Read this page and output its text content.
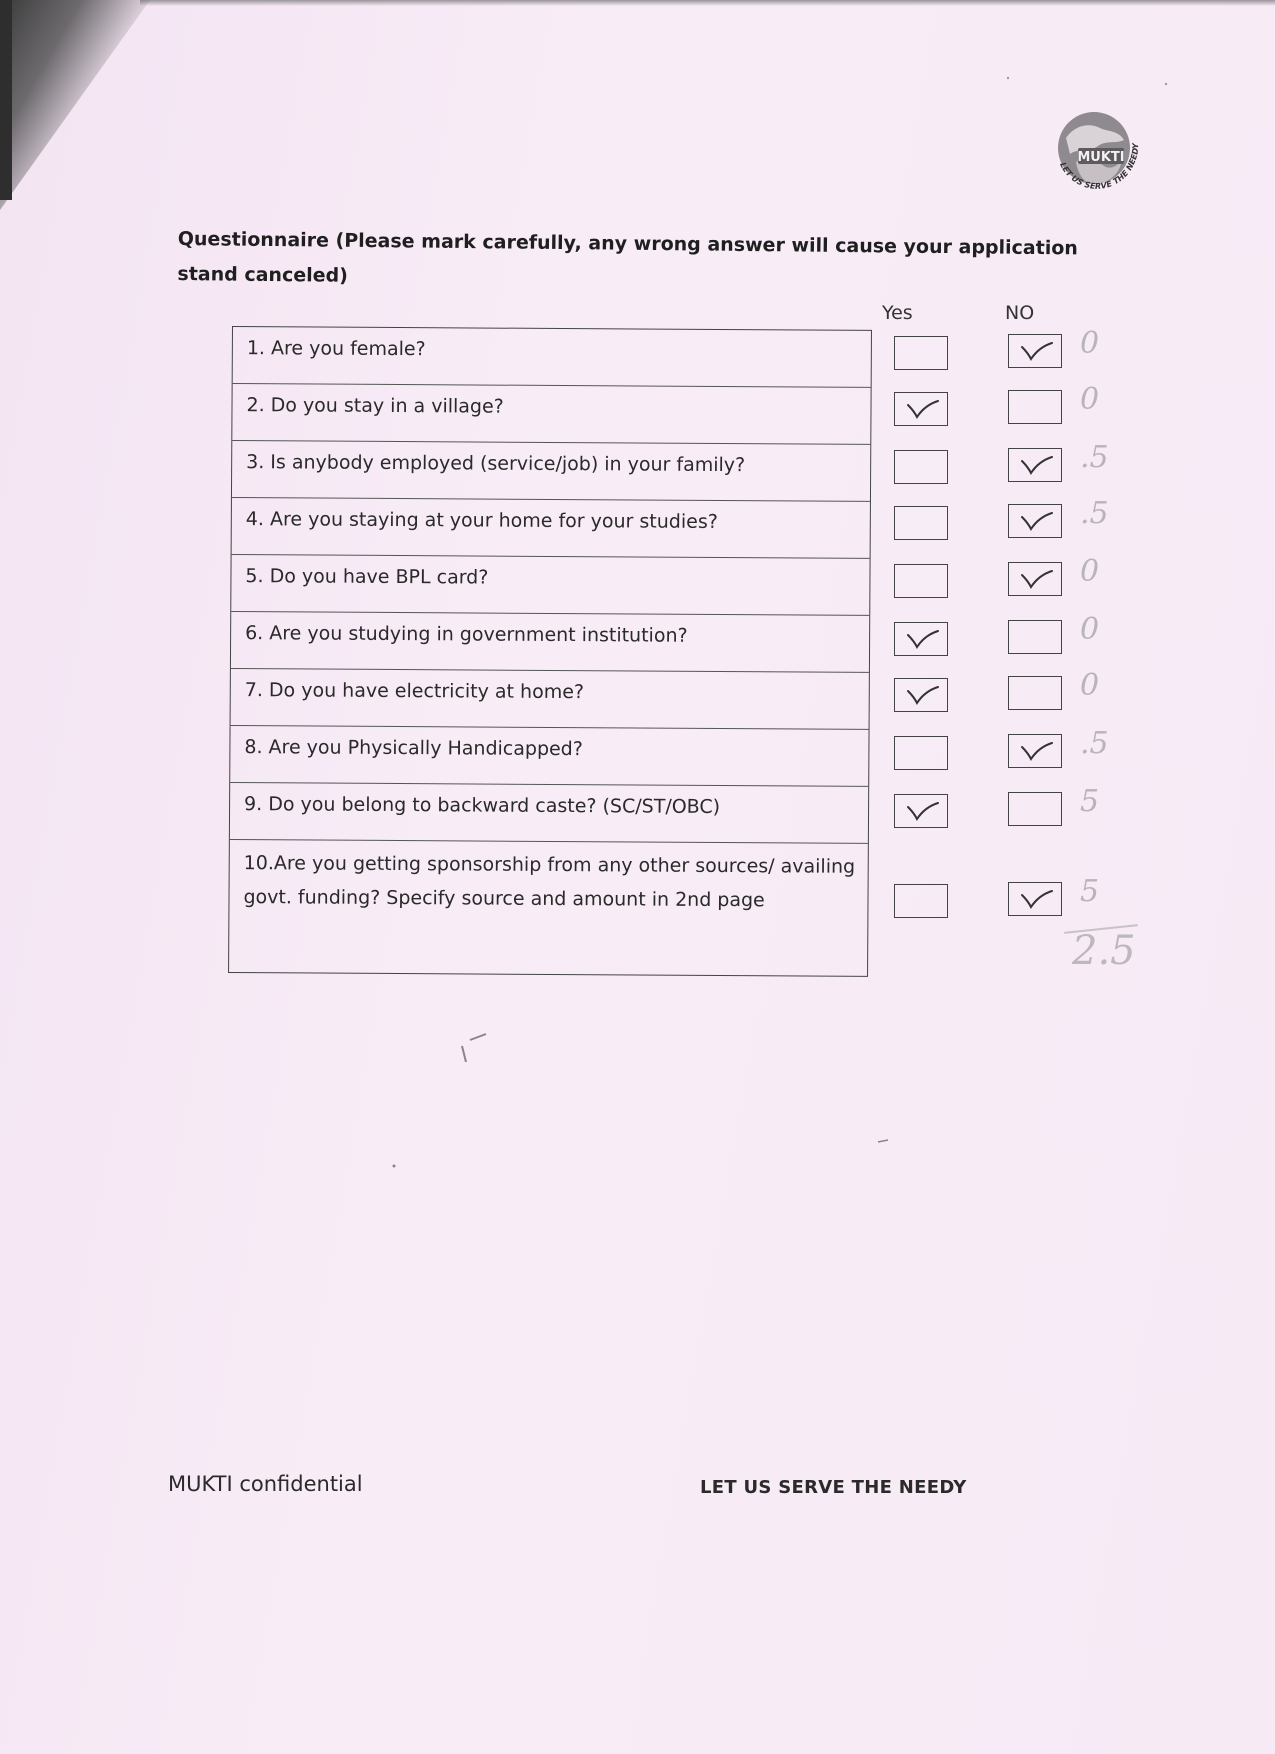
MUKTI
LET US SERVE THE NEEDY
Questionnaire (Please mark carefully, any wrong answer will cause your application stand canceled)
Yes	NO
1. Are you female?
2. Do you stay in a village?
3. Is anybody employed (service/job) in your family?
4. Are you staying at your home for your studies?
5. Do you have BPL card?
6. Are you studying in government institution?
7. Do you have electricity at home?
8. Are you Physically Handicapped?
9. Do you belong to backward caste? (SC/ST/OBC)
10.Are you getting sponsorship from any other sources/ availing govt. funding? Specify source and amount in 2nd page
0
0
.5
.5
0
0
0
.5
5
5
2.5
MUKTI confidential	LET US SERVE THE NEEDY
